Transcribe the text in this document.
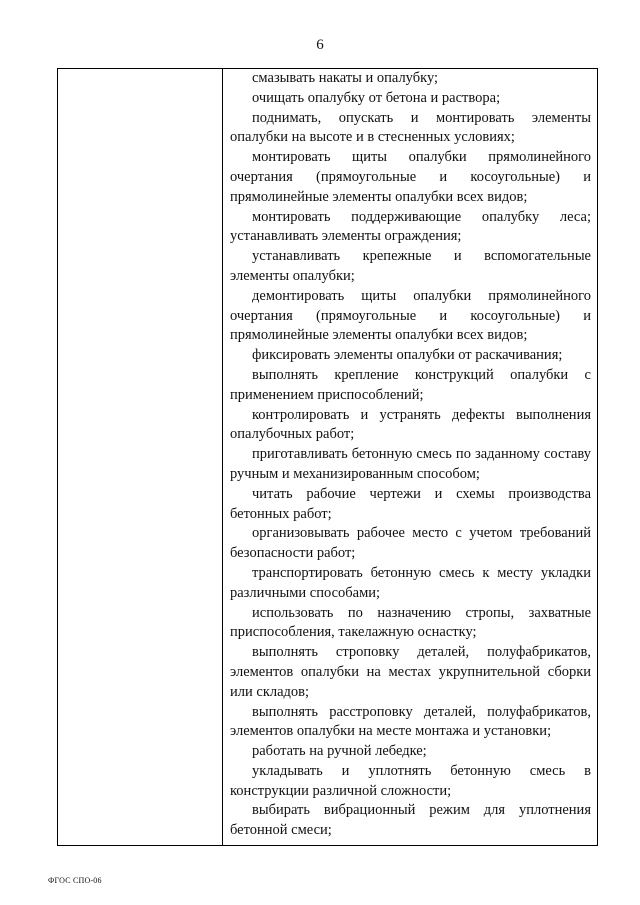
6

смазывать накаты и опалубку;

очищать опалубку от бетона и раствора;

поднимать, опускать и монтировать элементы опалубки на высоте и в стесненных условиях;

монтировать щиты опалубки прямолинейного очертания (прямоугольные и косоугольные) и прямолинейные элементы опалубки всех видов;

монтировать поддерживающие опалубку леса; устанавливать элементы ограждения;

устанавливать крепежные и вспомогательные элементы опалубки;

демонтировать щиты опалубки прямолинейного очертания (прямоугольные и косоугольные) и прямолинейные элементы опалубки всех видов;

фиксировать элементы опалубки от раскачивания;

выполнять крепление конструкций опалубки с применением приспособлений;

контролировать и устранять дефекты выполнения опалубочных работ;

приготавливать бетонную смесь по заданному составу ручным и механизированным способом;

читать рабочие чертежи и схемы производства бетонных работ;

организовывать рабочее место с учетом требований безопасности работ;

транспортировать бетонную смесь к месту укладки различными способами;

использовать по назначению стропы, захватные приспособления, такелажную оснастку;

выполнять строповку деталей, полуфабрикатов, элементов опалубки на местах укрупнительной сборки или складов;

выполнять расстроповку деталей, полуфабрикатов, элементов опалубки на месте монтажа и установки;

работать на ручной лебедке;

укладывать и уплотнять бетонную смесь в конструкции различной сложности;

выбирать вибрационный режим для уплотнения бетонной смеси;

ФГОС СПО-06
